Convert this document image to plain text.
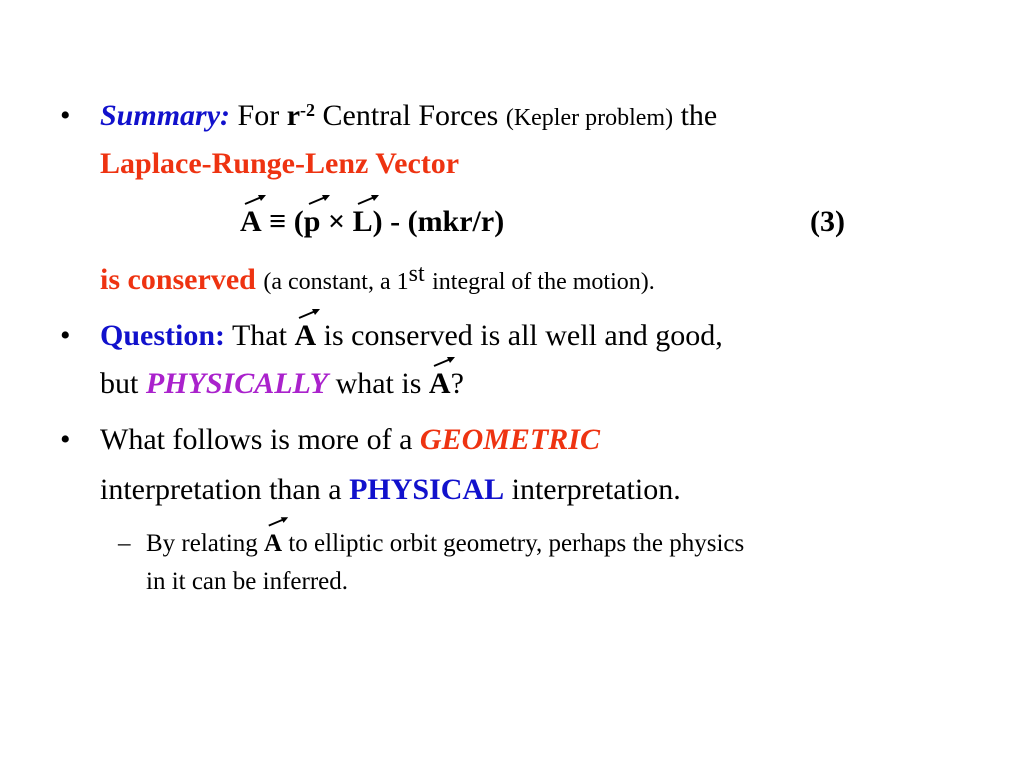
• Summary: For $r^{-2}$ Central Forces (Kepler problem) the
Laplace-Runge-Lenz Vector
A ≡ (
p × L) - (mkr/r)	(3)
is conserved (a constant, a 1st integral of the motion).
• Question: That A is conserved is all well and good,
but PHYSICALLY what is A?
• What follows is more of a GEOMETRIC
interpretation than a PHYSICAL interpretation.
– By relating A to elliptic orbit geometry, perhaps the physics
in it can be inferred.
